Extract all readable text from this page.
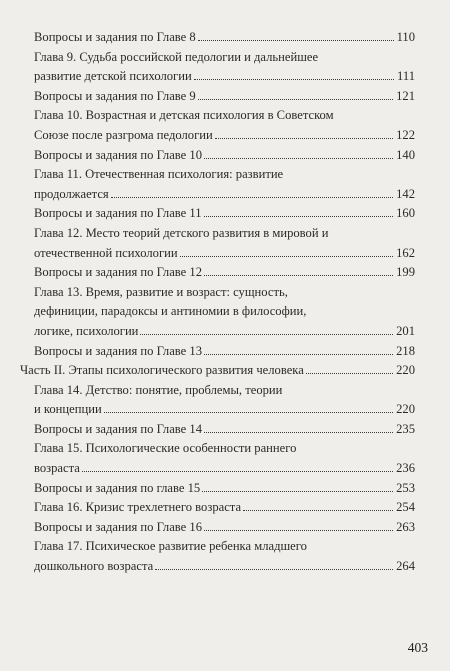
Вопросы и задания по Главе 8	110
Глава 9. Судьба российской педологии и дальнейшее
развитие детской психологии	111
Вопросы и задания по Главе 9	121
Глава 10. Возрастная и детская психология в Советском
Союзе после разгрома педологии	122
Вопросы и задания по Главе 10	140
Глава 11. Отечественная психология: развитие
продолжается	142
Вопросы и задания по Главе 11	160
Глава 12. Место теорий детского развития в мировой и
отечественной психологии	162
Вопросы и задания по Главе 12	199
Глава 13. Время, развитие и возраст: сущность,
дефиниции, парадоксы и антиномии в философии,
логике, психологии	201
Вопросы и задания по Главе 13	218
Часть II. Этапы психологического развития человека	220
Глава 14. Детство: понятие, проблемы, теории
и концепции	220
Вопросы и задания по Главе 14	235
Глава 15. Психологические особенности раннего
возраста	236
Вопросы и задания по главе 15	253
Глава 16. Кризис трехлетнего возраста	254
Вопросы и задания по Главе 16	263
Глава 17. Психическое развитие ребенка младшего
дошкольного возраста	264
403
